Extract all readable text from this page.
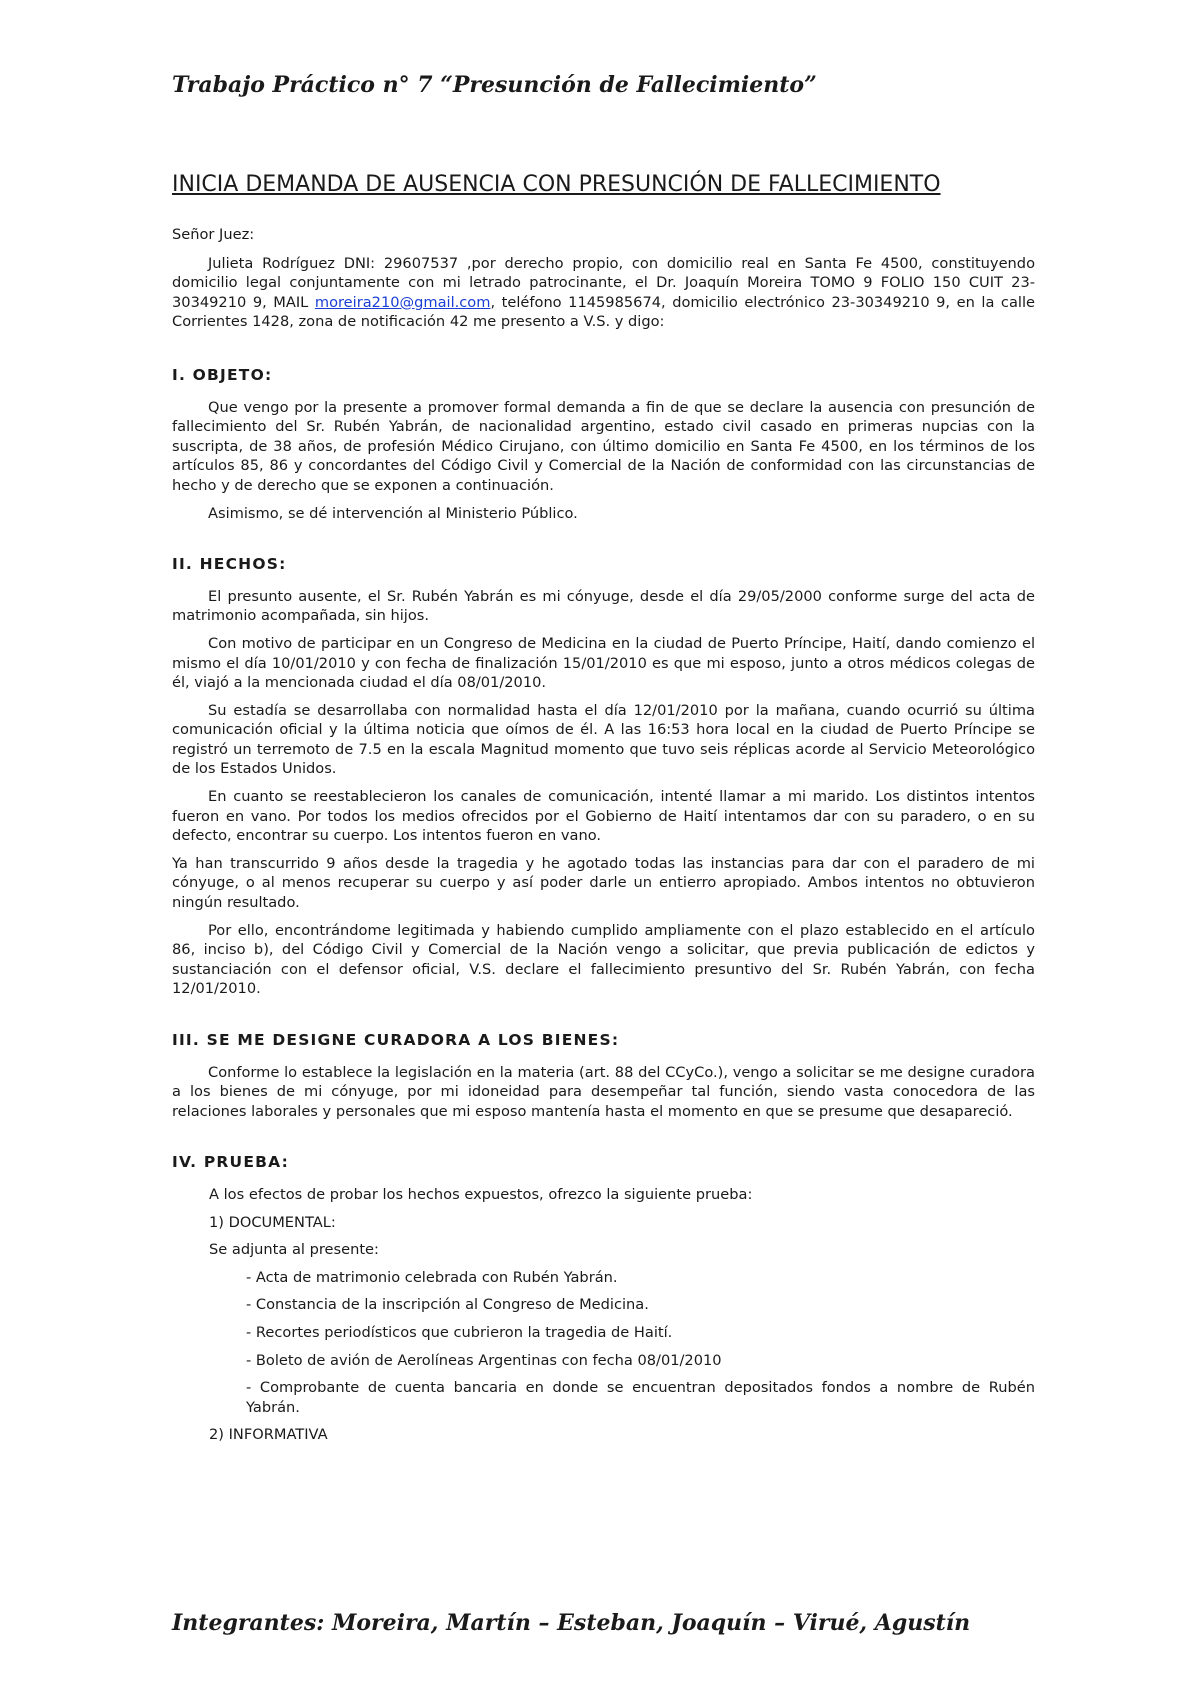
Trabajo Práctico n° 7 “Presunción de Fallecimiento”
INICIA DEMANDA DE AUSENCIA CON PRESUNCIÓN DE FALLECIMIENTO

Señor Juez:

Julieta Rodríguez DNI: 29607537 ,por derecho propio, con domicilio real en Santa Fe 4500, constituyendo domicilio legal conjuntamente con mi letrado patrocinante, el Dr. Joaquín Moreira TOMO 9 FOLIO 150 CUIT 23-30349210 9, MAIL moreira210@gmail.com, teléfono 1145985674, domicilio electrónico 23-30349210 9, en la calle Corrientes 1428, zona de notificación 42 me presento a V.S. y digo:

I. OBJETO:

Que vengo por la presente a promover formal demanda a fin de que se declare la ausencia con presunción de fallecimiento del Sr. Rubén Yabrán, de nacionalidad argentino, estado civil casado en primeras nupcias con la suscripta, de 38 años, de profesión Médico Cirujano, con último domicilio en Santa Fe 4500, en los términos de los artículos 85, 86 y concordantes del Código Civil y Comercial de la Nación de conformidad con las circunstancias de hecho y de derecho que se exponen a continuación.

Asimismo, se dé intervención al Ministerio Público.

II. HECHOS:

El presunto ausente, el Sr. Rubén Yabrán es mi cónyuge, desde el día 29/05/2000 conforme surge del acta de matrimonio acompañada, sin hijos.

Con motivo de participar en un Congreso de Medicina en la ciudad de Puerto Príncipe, Haití, dando comienzo el mismo el día 10/01/2010 y con fecha de finalización 15/01/2010 es que mi esposo, junto a otros médicos colegas de él, viajó a la mencionada ciudad el día 08/01/2010.

Su estadía se desarrollaba con normalidad hasta el día 12/01/2010 por la mañana, cuando ocurrió su última comunicación oficial y la última noticia que oímos de él. A las 16:53 hora local en la ciudad de Puerto Príncipe se registró un terremoto de 7.5 en la escala Magnitud momento que tuvo seis réplicas acorde al Servicio Meteorológico de los Estados Unidos.

En cuanto se reestablecieron los canales de comunicación, intenté llamar a mi marido. Los distintos intentos fueron en vano. Por todos los medios ofrecidos por el Gobierno de Haití intentamos dar con su paradero, o en su defecto, encontrar su cuerpo. Los intentos fueron en vano.

Ya han transcurrido 9 años desde la tragedia y he agotado todas las instancias para dar con el paradero de mi cónyuge, o al menos recuperar su cuerpo y así poder darle un entierro apropiado. Ambos intentos no obtuvieron ningún resultado.

Por ello, encontrándome legitimada y habiendo cumplido ampliamente con el plazo establecido en el artículo 86, inciso b), del Código Civil y Comercial de la Nación vengo a solicitar, que previa publicación de edictos y sustanciación con el defensor oficial, V.S. declare el fallecimiento presuntivo del Sr. Rubén Yabrán, con fecha 12/01/2010.

III. SE ME DESIGNE CURADORA A LOS BIENES:

Conforme lo establece la legislación en la materia (art. 88 del CCyCo.), vengo a solicitar se me designe curadora a los bienes de mi cónyuge, por mi idoneidad para desempeñar tal función, siendo vasta conocedora de las relaciones laborales y personales que mi esposo mantenía hasta el momento en que se presume que desapareció.

IV. PRUEBA:

A los efectos de probar los hechos expuestos, ofrezco la siguiente prueba:

1) DOCUMENTAL:

Se adjunta al presente:

- Acta de matrimonio celebrada con Rubén Yabrán.

- Constancia de la inscripción al Congreso de Medicina.

- Recortes periodísticos que cubrieron la tragedia de Haití.

- Boleto de avión de Aerolíneas Argentinas con fecha 08/01/2010

- Comprobante de cuenta bancaria en donde se encuentran depositados fondos a nombre de Rubén Yabrán.

2) INFORMATIVA

Integrantes: Moreira, Martín – Esteban, Joaquín – Virué, Agustín
